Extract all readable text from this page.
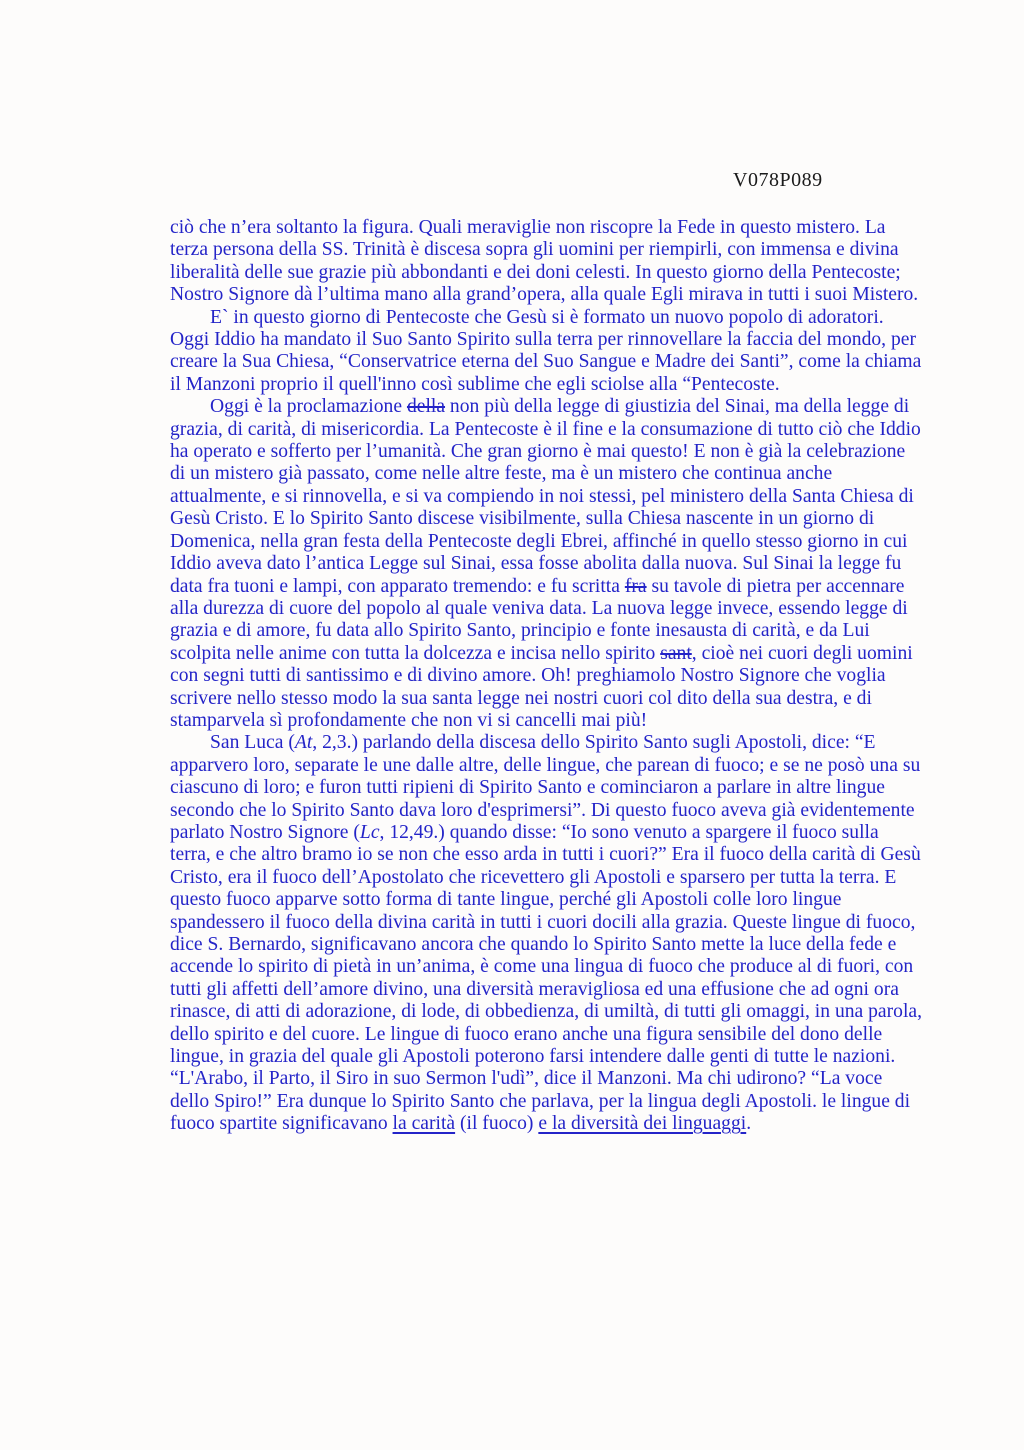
V078P089

ciò che n’era soltanto la figura. Quali meraviglie non riscopre la Fede in questo mistero. La terza persona della SS. Trinità è discesa sopra gli uomini per riempirli, con immensa e divina liberalità delle sue grazie più abbondanti e dei doni celesti. In questo giorno della Pentecoste; Nostro Signore dà l’ultima mano alla grand’opera, alla quale Egli mirava in tutti i suoi Mistero.

E` in questo giorno di Pentecoste che Gesù si è formato un nuovo popolo di adoratori. Oggi Iddio ha mandato il Suo Santo Spirito sulla terra per rinnovellare la faccia del mondo, per creare la Sua Chiesa, “Conservatrice eterna del Suo Sangue e Madre dei Santi”, come la chiama il Manzoni proprio il quell'inno così sublime che egli sciolse alla “Pentecoste.

Oggi è la proclamazione della non più della legge di giustizia del Sinai, ma della legge di grazia, di carità, di misericordia. La Pentecoste è il fine e la consumazione di tutto ciò che Iddio ha operato e sofferto per l’umanità. Che gran giorno è mai questo! E non è già la celebrazione di un mistero già passato, come nelle altre feste, ma è un mistero che continua anche attualmente, e si rinnovella, e si va compiendo in noi stessi, pel ministero della Santa Chiesa di Gesù Cristo. E lo Spirito Santo discese visibilmente, sulla Chiesa nascente in un giorno di Domenica, nella gran festa della Pentecoste degli Ebrei, affinché in quello stesso giorno in cui Iddio aveva dato l’antica Legge sul Sinai, essa fosse abolita dalla nuova. Sul Sinai la legge fu data fra tuoni e lampi, con apparato tremendo: e fu scritta fra su tavole di pietra per accennare alla durezza di cuore del popolo al quale veniva data. La nuova legge invece, essendo legge di grazia e di amore, fu data allo Spirito Santo, principio e fonte inesausta di carità, e da Lui scolpita nelle anime con tutta la dolcezza e incisa nello spirito sant, cioè nei cuori degli uomini con segni tutti di santissimo e di divino amore. Oh! preghiamolo Nostro Signore che voglia scrivere nello stesso modo la sua santa legge nei nostri cuori col dito della sua destra, e di stamparvela sì profondamente che non vi si cancelli mai più!

San Luca (At, 2,3.) parlando della discesa dello Spirito Santo sugli Apostoli, dice: “E apparvero loro, separate le une dalle altre, delle lingue, che parean di fuoco; e se ne posò una su ciascuno di loro; e furon tutti ripieni di Spirito Santo e cominciaron a parlare in altre lingue secondo che lo Spirito Santo dava loro d'esprimersi”. Di questo fuoco aveva già evidentemente parlato Nostro Signore (Lc, 12,49.) quando disse: “Io sono venuto a spargere il fuoco sulla terra, e che altro bramo io se non che esso arda in tutti i cuori?” Era il fuoco della carità di Gesù Cristo, era il fuoco dell’Apostolato che ricevettero gli Apostoli e sparsero per tutta la terra. E questo fuoco apparve sotto forma di tante lingue, perché gli Apostoli colle loro lingue spandessero il fuoco della divina carità in tutti i cuori docili alla grazia. Queste lingue di fuoco, dice S. Bernardo, significavano ancora che quando lo Spirito Santo mette la luce della fede e accende lo spirito di pietà in un’anima, è come una lingua di fuoco che produce al di fuori, con tutti gli affetti dell’amore divino, una diversità meravigliosa ed una effusione che ad ogni ora rinasce, di atti di adorazione, di lode, di obbedienza, di umiltà, di tutti gli omaggi, in una parola, dello spirito e del cuore. Le lingue di fuoco erano anche una figura sensibile del dono delle lingue, in grazia del quale gli Apostoli poterono farsi intendere dalle genti di tutte le nazioni. “L'Arabo, il Parto, il Siro in suo Sermon l'udì”, dice il Manzoni. Ma chi udirono? “La voce dello Spiro!” Era dunque lo Spirito Santo che parlava, per la lingua degli Apostoli. le lingue di fuoco spartite significavano la carità (il fuoco) e la diversità dei linguaggi.
